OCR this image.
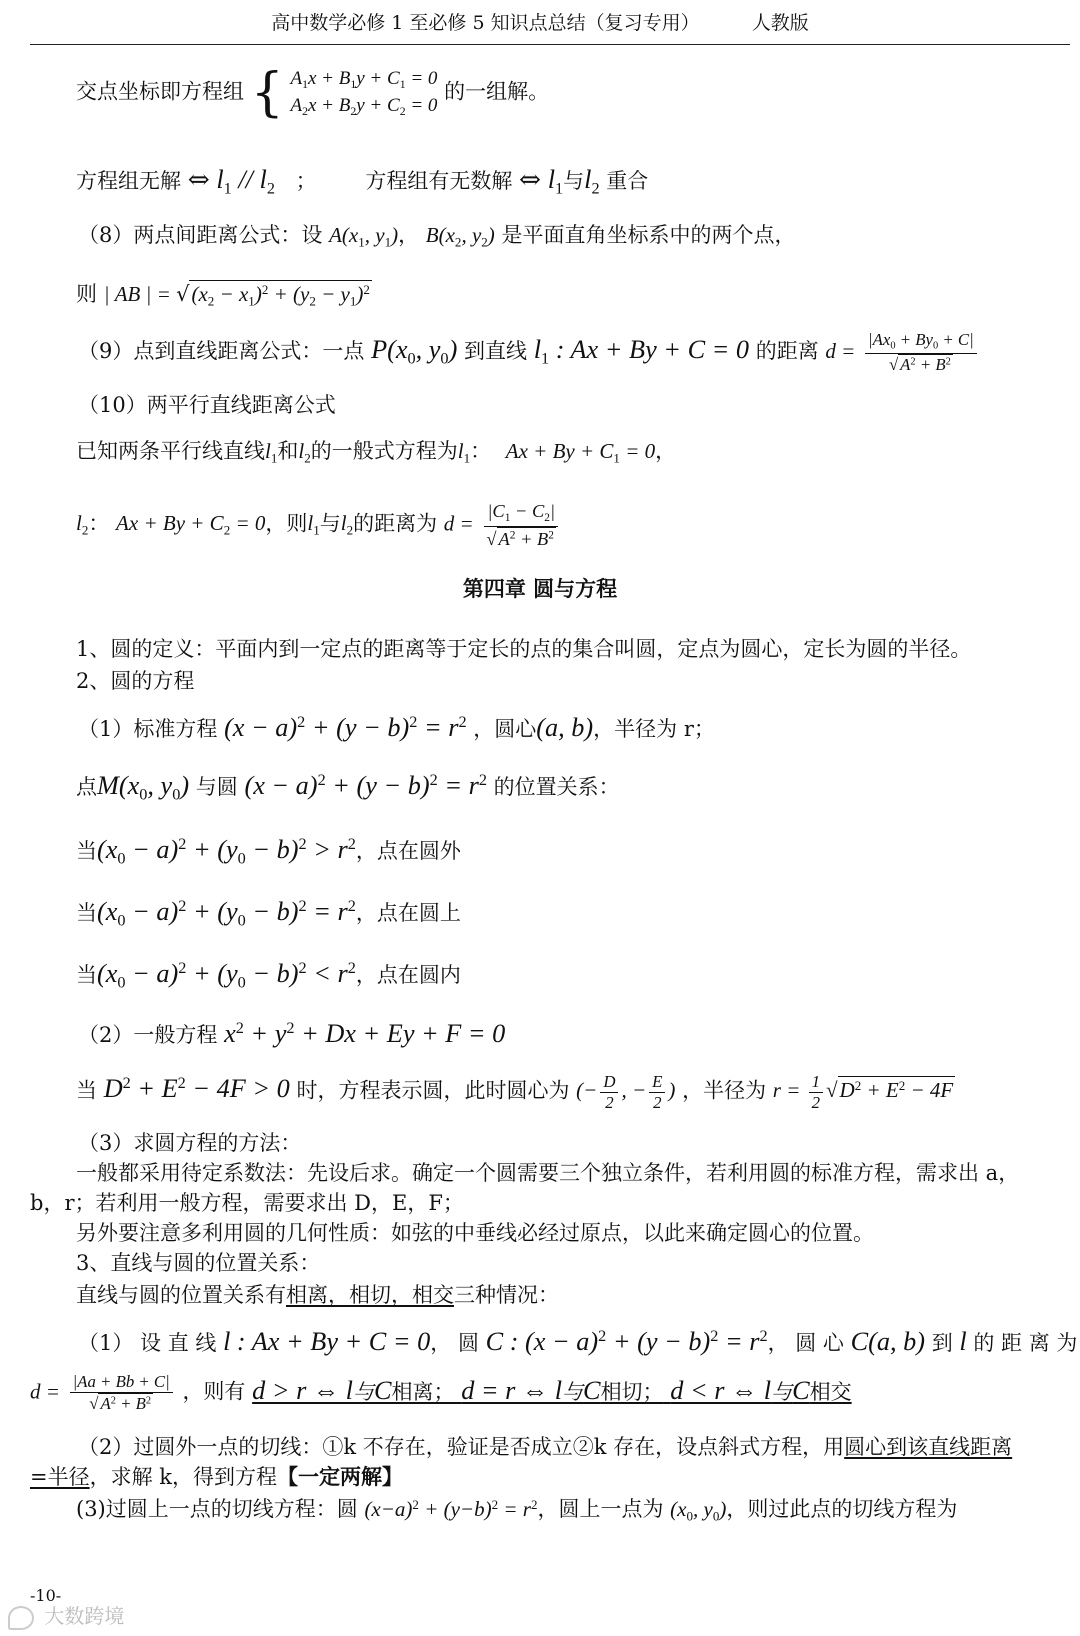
高中数学必修 1 至必修 5 知识点总结（复习专用）	人教版
交点坐标即方程组 { $A_1x + B_1y + C_1 = 0$
$A_2x + B_2y + C_2 = 0$
的一组解。
方程组无解 ⇔ $l_1 // l_2$ ； 方程组有无数解 ⇔ $l_1$与$l_2$ 重合
（8）两点间距离公式：设 $A(x_1$, $y_1$)， $B(x_2$, $y_2$) 是平面直角坐标系中的两个点，
则 | AB | = $√(x_2 - x_1)^2 + (y_2 - y_1)^2$
（9）点到直线距离公式：一点 $P(x_0$, $y_0$) 到直线 $l_1$ : Ax + By + C = 0 的距离 $d = \frac{|Ax_0 + By_0 + C|}{√ A^2 + B^2}$
（10）两平行直线距离公式
已知两条平行线直线$l_1$和$l_2$的一般式方程为$l_1$： $Ax + By + C_1 = 0$，
$l_2$： $Ax + By + C_2 = 0$，则$l_1$与$l_2$的距离为 $d = \frac{|C_1 - C_2|}{√ A^2 + B^2}$
第四章 圆与方程
1、圆的定义：平面内到一定点的距离等于定长的点的集合叫圆，定点为圆心，定长为圆的半径。
2、圆的方程
（1）标准方程 $(x - a)^2 + (y - b)^2 = r^2$ ，圆心(a, b)，半径为 r；
点$M(x_0$, $y_0$) 与圆 $(x - a)^2 + (y - b)^2 = r^2$ 的位置关系：
当$(x_0 - a)^2 + (y_0 - b)^2 > r^2$，点在圆外
当$(x_0 - a)^2 + (y_0 - b)^2 = r^2$，点在圆上
当$(x_0 - a)^2 + (y_0 - b)^2 < r^2$，点在圆内
（2）一般方程 $x^2 + y^2 + Dx + Ey + F = 0$
当 $D^2 + E^2 - 4F > 0$ 时，方程表示圆，此时圆心为 (− $\frac{D}{2}$ , − $\frac{E}{2}$ ) ，半径为 $r = \frac{1}{2} √D^2 + E^2 - 4F$
（3）求圆方程的方法：
一般都采用待定系数法：先设后求。确定一个圆需要三个独立条件，若利用圆的标准方程，需求出 a，
b，r；若利用一般方程，需要求出 D，E，F；
另外要注意多利用圆的几何性质：如弦的中垂线必经过原点，以此来确定圆心的位置。
3、直线与圆的位置关系：
直线与圆的位置关系有相离，相切，相交三种情况：
（1） 设 直 线 l : Ax + By + C = 0， 圆 C : $(x - a)^2 + (y - b)^2 = r^2$， 圆 心 C(a, b) 到 l 的 距 离 为
$d = \frac{|Aa + Bb + C|}{√ A^2 + B^2}$ ，则有 d > r ⇔ l与C相离； d = r ⇔ l与C相切； d < r ⇔ l与C相交
（2）过圆外一点的切线：①k 不存在，验证是否成立②k 存在，设点斜式方程，用圆心到该直线距离
=半径，求解 k，得到方程【一定两解】
(3)过圆上一点的切线方程：圆 $(x-a)^2 + (y-b)^2 = r^2$，圆上一点为 ($x_0$, $y_0$)，则过此点的切线方程为
-10-
大数跨境
